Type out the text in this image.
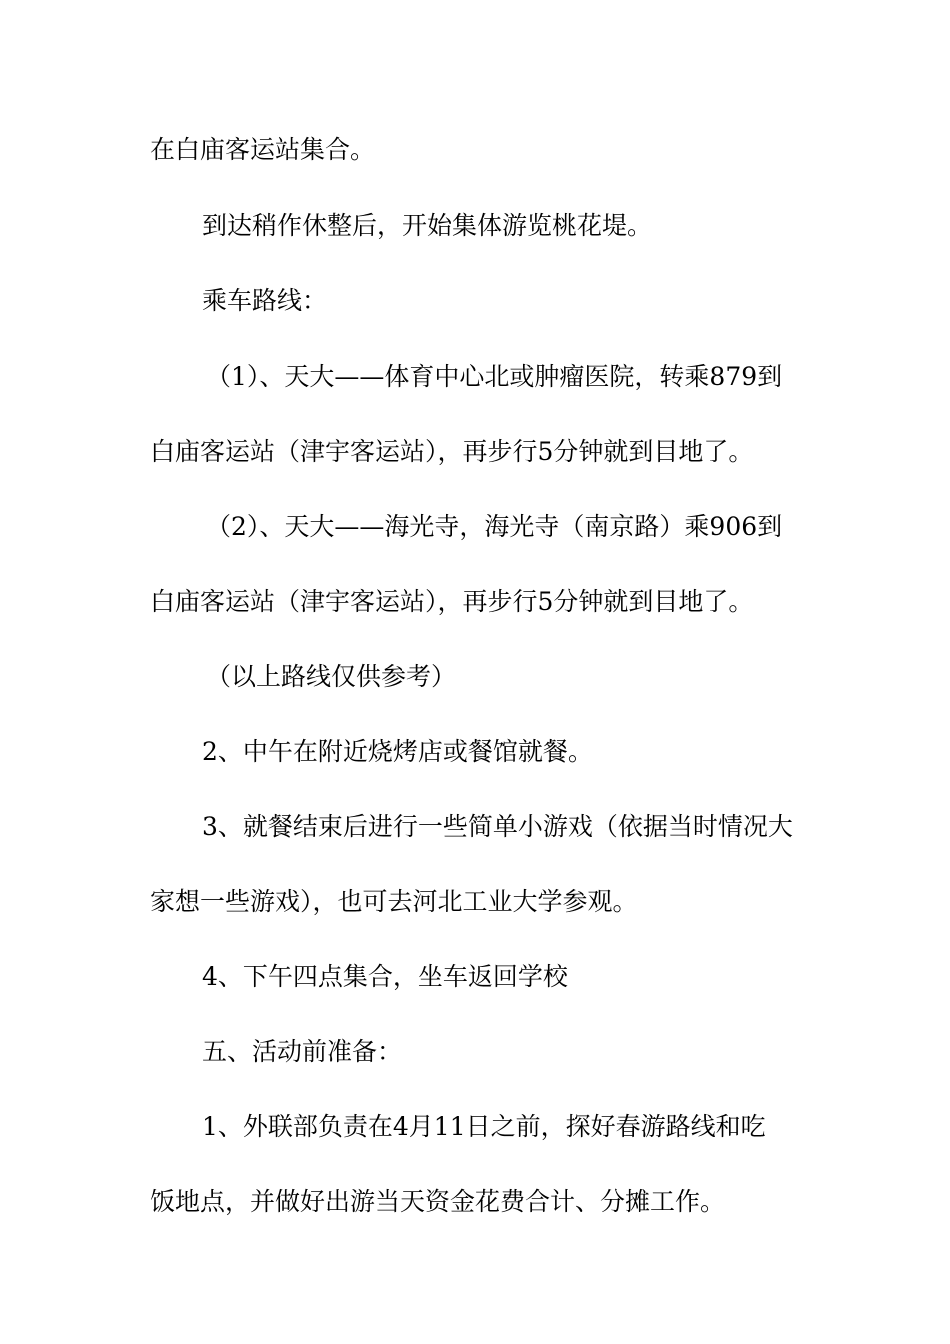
在白庙客运站集合。
到达稍作休整后，开始集体游览桃花堤。
乘车路线：
（1）、天大——体育中心北或肿瘤医院，转乘879到
白庙客运站（津宇客运站），再步行5分钟就到目地了。
（2）、天大——海光寺，海光寺（南京路）乘906到
白庙客运站（津宇客运站），再步行5分钟就到目地了。
（以上路线仅供参考）
2、中午在附近烧烤店或餐馆就餐。
3、就餐结束后进行一些简单小游戏（依据当时情况大
家想一些游戏），也可去河北工业大学参观。
4、下午四点集合，坐车返回学校
五、活动前准备：
1、外联部负责在4月11日之前，探好春游路线和吃
饭地点，并做好出游当天资金花费合计、分摊工作。
